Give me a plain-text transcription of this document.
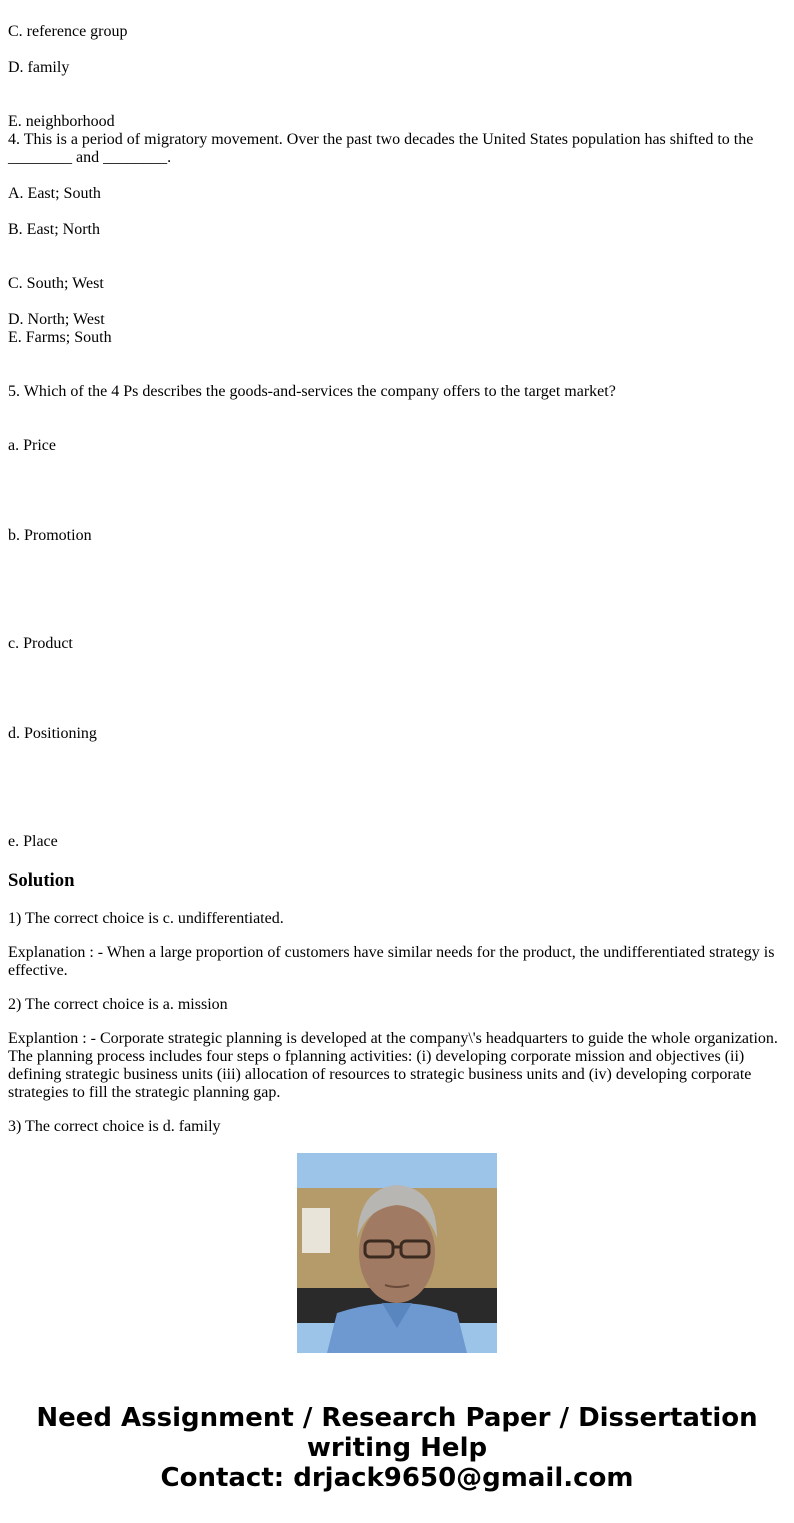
C. reference group
D. family
E. neighborhood
4. This is a period of migratory movement. Over the past two decades the United States population has shifted to the ________ and ________.
A. East; South
B. East; North
C. South; West
D. North; West
E. Farms; South
5. Which of the 4 Ps describes the goods-and-services the company offers to the target market?
a. Price
b. Promotion
c. Product
d. Positioning
e. Place
Solution
1) The correct choice is c. undifferentiated.
Explanation : - When a large proportion of customers have similar needs for the product, the undifferentiated strategy is effective.
2) The correct choice is a. mission
Explantion : - Corporate strategic planning is developed at the company\'s headquarters to guide the whole organization. The planning process includes four steps o fplanning activities: (i) developing corporate mission and objectives (ii) defining strategic business units (iii) allocation of resources to strategic business units and (iv) developing corporate strategies to fill the strategic planning gap.
3) The correct choice is d. family
Need Assignment / Research Paper / Dissertation writing Help
Contact: drjack9650@gmail.com
